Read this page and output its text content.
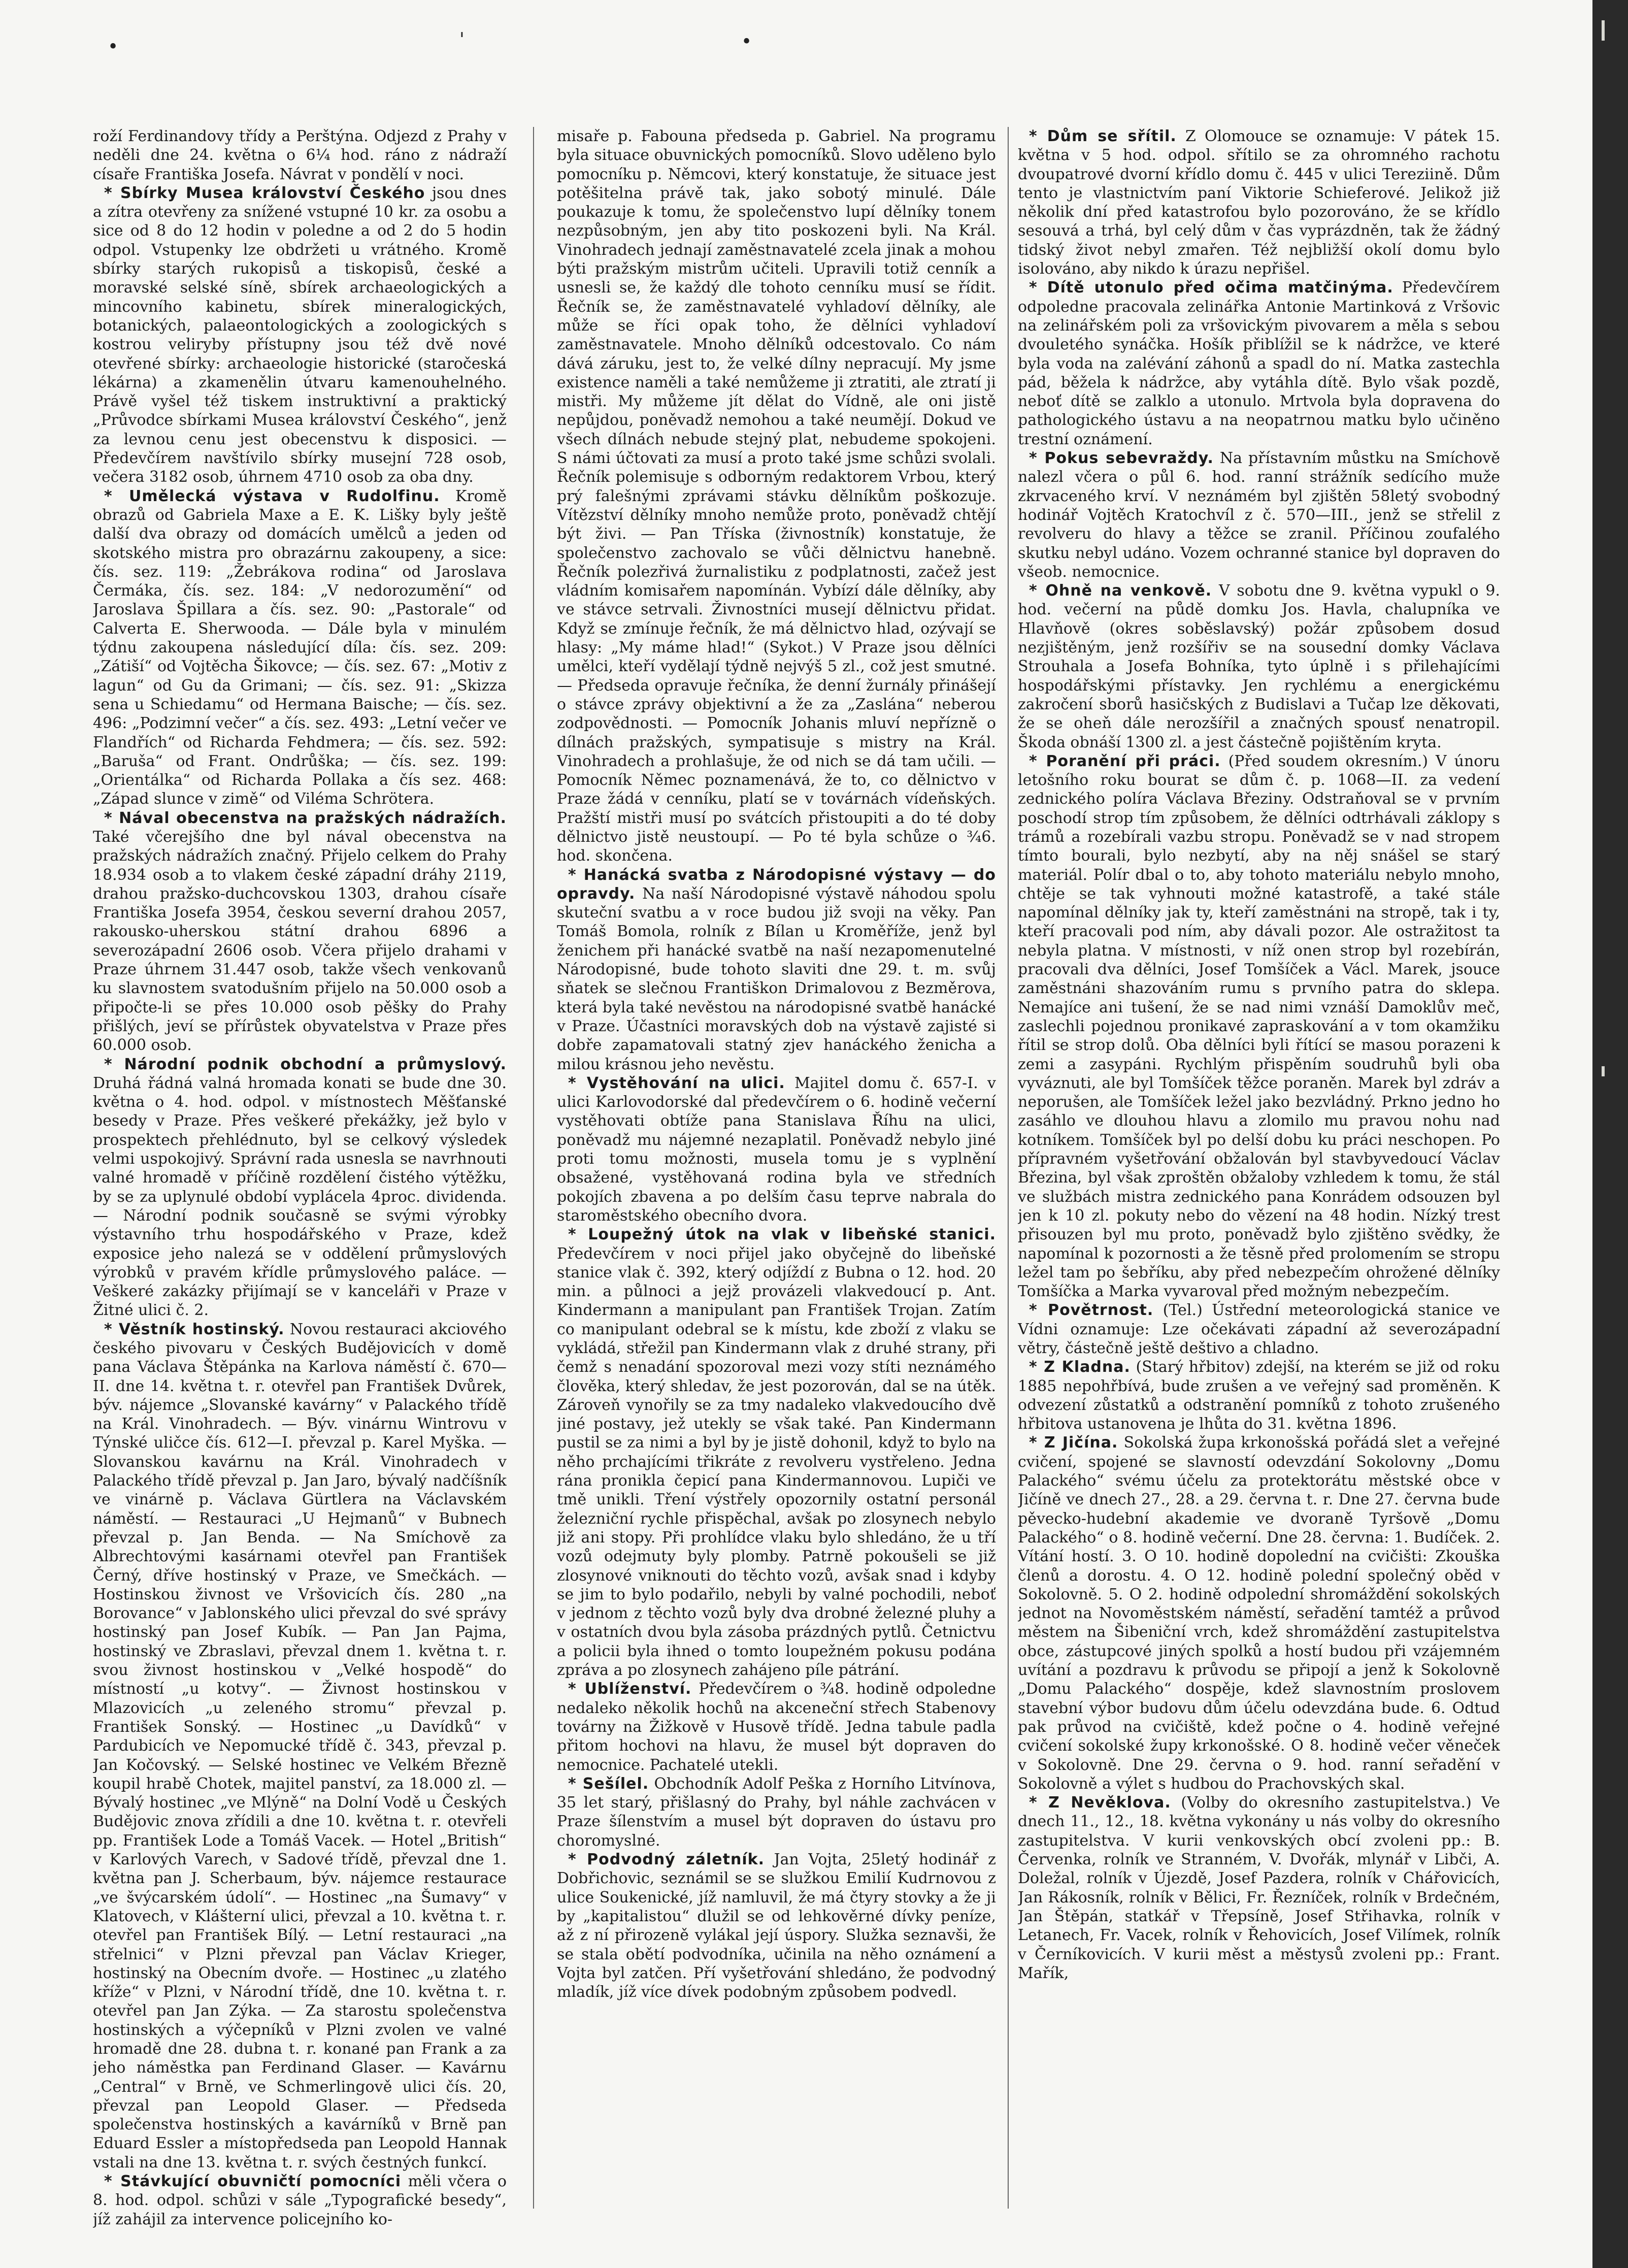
•	'	•

roží Ferdinandovy třídy a Perštýna. Odjezd z Prahy v neděli dne 24. května o 6¼ hod. ráno z nádraží císaře Františka Josefa. Návrat v pondělí v noci.

* Sbírky Musea království Českého jsou dnes a zítra otevřeny za snížené vstupné 10 kr. za osobu a sice od 8 do 12 hodin v poledne a od 2 do 5 hodin odpol. Vstupenky lze obdržeti u vrátného. Kromě sbírky starých rukopisů a tiskopisů, české a moravské selské síně, sbírek archaeologických a mincovního kabinetu, sbírek mineralogických, botanických, palaeontologických a zoologických s kostrou veliryby přístupny jsou též dvě nové otevřené sbírky: archaeologie historické (staročeská lékárna) a zkamenělin útvaru kamenouhelného. Právě vyšel též tiskem instruktivní a praktický „Průvodce sbírkami Musea království Českého“, jenž za levnou cenu jest obecenstvu k disposici. — Předevčírem navštívilo sbírky musejní 728 osob, večera 3182 osob, úhrnem 4710 osob za oba dny.

* Umělecká výstava v Rudolfinu. Kromě obrazů od Gabriela Maxe a E. K. Lišky byly ještě další dva obrazy od domácích umělců a jeden od skotského mistra pro obrazárnu zakoupeny, a sice: čís. sez. 119: „Žebrákova rodina“ od Jaroslava Čermáka, čís. sez. 184: „V nedorozumění“ od Jaroslava Špillara a čís. sez. 90: „Pastorale“ od Calverta E. Sherwooda. — Dále byla v minulém týdnu zakoupena následující díla: čís. sez. 209: „Zátiší“ od Vojtěcha Šikovce; — čís. sez. 67: „Motiv z lagun“ od Gu da Grimani; — čís. sez. 91: „Skizza sena u Schiedamu“ od Hermana Baische; — čís. sez. 496: „Podzimní večer“ a čís. sez. 493: „Letní večer ve Flandřích“ od Richarda Fehdmera; — čís. sez. 592: „Baruša“ od Frant. Ondrůška; — čís. sez. 199: „Orientálka“ od Richarda Pollaka a čís sez. 468: „Západ slunce v zimě“ od Viléma Schrötera.

* Nával obecenstva na pražských nádražích. Také včerejšího dne byl nával obecenstva na pražských nádražích značný. Přijelo celkem do Prahy 18.934 osob a to vlakem české západní dráhy 2119, drahou pražsko-duchcovskou 1303, drahou císaře Františka Josefa 3954, českou severní drahou 2057, rakousko-uherskou státní drahou 6896 a severozápadní 2606 osob. Včera přijelo drahami v Praze úhrnem 31.447 osob, takže všech venkovanů ku slavnostem svatodušním přijelo na 50.000 osob a připočte-li se přes 10.000 osob pěšky do Prahy přišlých, jeví se přírůstek obyvatelstva v Praze přes 60.000 osob.

* Národní podnik obchodní a průmyslový. Druhá řádná valná hromada konati se bude dne 30. května o 4. hod. odpol. v místnostech Měšťanské besedy v Praze. Přes veškeré překážky, jež bylo v prospektech přehlédnuto, byl se celkový výsledek velmi uspokojivý. Správní rada usnesla se navrhnouti valné hromadě v příčině rozdělení čistého výtěžku, by se za uplynulé období vyplácela 4proc. dividenda. — Národní podnik současně se svými výrobky výstavního trhu hospodářského v Praze, kdež exposice jeho nalezá se v oddělení průmyslových výrobků v pravém křídle průmyslového paláce. — Veškeré zakázky přijímají se v kanceláři v Praze v Žitné ulici č. 2.

* Věstník hostinský. Novou restauraci akciového českého pivovaru v Českých Budějovicích v domě pana Václava Štěpánka na Karlova náměstí č. 670—II. dne 14. května t. r. otevřel pan František Dvůrek, býv. nájemce „Slovanské kavárny“ v Palackého třídě na Král. Vinohradech. — Býv. vinárnu Wintrovu v Týnské uličce čís. 612—I. převzal p. Karel Myška. — Slovanskou kavárnu na Král. Vinohradech v Palackého třídě převzal p. Jan Jaro, bývalý nadčíšník ve vinárně p. Václava Gürtlera na Václavském náměstí. — Restauraci „U Hejmanů“ v Bubnech převzal p. Jan Benda. — Na Smíchově za Albrechtovými kasárnami otevřel pan František Černý, dříve hostinský v Praze, ve Smečkách. — Hostinskou živnost ve Vršovicích čís. 280 „na Borovance“ v Jablonského ulici převzal do své správy hostinský pan Josef Kubík. — Pan Jan Pajma, hostinský ve Zbraslavi, převzal dnem 1. května t. r. svou živnost hostinskou v „Velké hospodě“ do místností „u kotvy“. — Živnost hostinskou v Mlazovicích „u zeleného stromu“ převzal p. František Sonský. — Hostinec „u Davídků“ v Pardubicích ve Nepomucké třídě č. 343, převzal p. Jan Kočovský. — Selské hostinec ve Velkém Březně koupil hrabě Chotek, majitel panství, za 18.000 zl. — Bývalý hostinec „ve Mlýně“ na Dolní Vodě u Českých Budějovic znova zřídili a dne 10. května t. r. otevřeli pp. František Lode a Tomáš Vacek. — Hotel „British“ v Karlových Varech, v Sadové třídě, převzal dne 1. května pan J. Scherbaum, býv. nájemce restaurace „ve švýcarském údolí“. — Hostinec „na Šumavy“ v Klatovech, v Klášterní ulici, převzal a 10. května t. r. otevřel pan František Bílý. — Letní restauraci „na střelnici“ v Plzni převzal pan Václav Krieger, hostinský na Obecním dvoře. — Hostinec „u zlatého kříže“ v Plzni, v Národní třídě, dne 10. května t. r. otevřel pan Jan Zýka. — Za starostu společenstva hostinských a výčepníků v Plzni zvolen ve valné hromadě dne 28. dubna t. r. konané pan Frank a za jeho náměstka pan Ferdinand Glaser. — Kavárnu „Central“ v Brně, ve Schmerlingově ulici čís. 20, převzal pan Leopold Glaser. — Předseda společenstva hostinských a kavárníků v Brně pan Eduard Essler a místopředseda pan Leopold Hannak vstali na dne 13. května t. r. svých čestných funkcí.

* Stávkující obuvničtí pomocníci měli včera o 8. hod. odpol. schůzi v sále „Typografické besedy“, jíž zahájil za intervence policejního ko-

misaře p. Fabouna předseda p. Gabriel. Na programu byla situace obuvnických pomocníků. Slovo uděleno bylo pomocníku p. Němcovi, který konstatuje, že situace jest potěšitelna právě tak, jako sobotý minulé. Dále poukazuje k tomu, že společenstvo lupí dělníky tonem nezpůsobným, jen aby tito poskozeni byli. Na Král. Vinohradech jednají zaměstnavatelé zcela jinak a mohou býti pražským mistrům učiteli. Upravili totiž cenník a usnesli se, že každý dle tohoto cenníku musí se řídit. Řečník se, že zaměstnavatelé vyhladoví dělníky, ale může se říci opak toho, že dělníci vyhladoví zaměstnavatele. Mnoho dělníků odcestovalo. Co nám dává záruku, jest to, že velké dílny nepracují. My jsme existence naměli a také nemůžeme ji ztratiti, ale ztratí ji mistři. My můžeme jít dělat do Vídně, ale oni jistě nepůjdou, poněvadž nemohou a také neumějí. Dokud ve všech dílnách nebude stejný plat, nebudeme spokojeni. S námi účtovati za musí a proto také jsme schůzi svolali. Řečník polemisuje s odborným redaktorem Vrbou, který prý falešnými zprávami stávku dělníkům poškozuje. Vítězství dělníky mnoho nemůže proto, poněvadž chtějí být živi. — Pan Tříska (živnostník) konstatuje, že společenstvo zachovalo se vůči dělnictvu hanebně. Řečník polezřivá žurnalistiku z podplatnosti, začež jest vládním komisařem napomínán. Vybízí dále dělníky, aby ve stávce setrvali. Živnostníci musejí dělnictvu přidat. Když se zmínuje řečník, že má dělnictvo hlad, ozývají se hlasy: „My máme hlad!“ (Sykot.) V Praze jsou dělníci umělci, kteří vydělají týdně nejvýš 5 zl., což jest smutné. — Předseda opravuje řečníka, že denní žurnály přinášejí o stávce zprávy objektivní a že za „Zaslána“ neberou zodpovědnosti. — Pomocník Johanis mluví nepřízně o dílnách pražských, sympatisuje s mistry na Král. Vinohradech a prohlašuje, že od nich se dá tam učili. — Pomocník Němec poznamenává, že to, co dělnictvo v Praze žádá v cenníku, platí se v továrnách vídeňských. Pražští mistři musí po svátcích přistoupiti a do té doby dělnictvo jistě neustoupí. — Po té byla schůze o ¾6. hod. skončena.

* Hanácká svatba z Národopisné výstavy — do opravdy. Na naší Národopisné výstavě náhodou spolu skuteční svatbu a v roce budou již svoji na věky. Pan Tomáš Bomola, rolník z Bílan u Kroměříže, jenž byl ženichem při hanácké svatbě na naší nezapomenutelné Národopisné, bude tohoto slaviti dne 29. t. m. svůj sňatek se slečnou Františkon Drimalovou z Bezměrova, která byla také nevěstou na národopisné svatbě hanácké v Praze. Účastníci moravských dob na výstavě zajisté si dobře zapamatovali statný zjev hanáckého ženicha a milou krásnou jeho nevěstu.

* Vystěhování na ulici. Majitel domu č. 657-I. v ulici Karlovodorské dal předevčírem o 6. hodině večerní vystěhovati obtíže pana Stanislava Říhu na ulici, poněvadž mu nájemné nezaplatil. Poněvadž nebylo jiné proti tomu možnosti, musela tomu je s vyplnění obsažené, vystěhovaná rodina byla ve středních pokojích zbavena a po delším času teprve nabrala do staroměstského obecního dvora.

* Loupežný útok na vlak v libeňské stanici. Předevčírem v noci přijel jako obyčejně do libeňské stanice vlak č. 392, který odjíždí z Bubna o 12. hod. 20 min. a půlnoci a jejž provázeli vlakvedoucí p. Ant. Kindermann a manipulant pan František Trojan. Zatím co manipulant odebral se k místu, kde zboží z vlaku se vykládá, střežil pan Kindermann vlak z druhé strany, při čemž s nenadání spozoroval mezi vozy stíti neznámého člověka, který shledav, že jest pozorován, dal se na útěk. Zároveň vynořily se za tmy nadaleko vlakvedoucího dvě jiné postavy, jež utekly se však také. Pan Kindermann pustil se za nimi a byl by je jistě dohonil, když to bylo na něho prchajícími třikráte z revolveru vystřeleno. Jedna rána pronikla čepicí pana Kindermannovou. Lupiči ve tmě unikli. Tření výstřely opozornily ostatní personál železniční rychle přispěchal, avšak po zlosynech nebylo již ani stopy. Při prohlídce vlaku bylo shledáno, že u tří vozů odejmuty byly plomby. Patrně pokoušeli se již zlosynové vniknouti do těchto vozů, avšak snad i kdyby se jim to bylo podařilo, nebyli by valné pochodili, neboť v jednom z těchto vozů byly dva drobné železné pluhy a v ostatních dvou byla zásoba prázdných pytlů. Četnictvu a policii byla ihned o tomto loupežném pokusu podána zpráva a po zlosynech zahájeno píle pátrání.

* Ublíženství. Předevčírem o ¾8. hodině odpoledne nedaleko několik hochů na akceneční střech Stabenovy továrny na Žižkově v Husově třídě. Jedna tabule padla přitom hochovi na hlavu, že musel být dopraven do nemocnice. Pachatelé utekli.

* Sešílel. Obchodník Adolf Peška z Horního Litvínova, 35 let starý, přišlasný do Prahy, byl náhle zachvácen v Praze šílenstvím a musel být dopraven do ústavu pro choromyslné.

* Podvodný záletník. Jan Vojta, 25letý hodinář z Dobřichovic, seznámil se se služkou Emilií Kudrnovou z ulice Soukenické, jíž namluvil, že má čtyry stovky a že ji by „kapitalistou“ dlužil se od lehkověrné dívky peníze, až z ní přirozeně vylákal její úspory. Služka seznavši, že se stala obětí podvodníka, učinila na něho oznámení a Vojta byl zatčen. Pří vyšetřování shledáno, že podvodný mladík, jíž více dívek podobným způsobem podvedl.

* Dům se sřítil. Z Olomouce se oznamuje: V pátek 15. května v 5 hod. odpol. sřítilo se za ohromného rachotu dvoupatrové dvorní křídlo domu č. 445 v ulici Tereziině. Dům tento je vlastnictvím paní Viktorie Schieferové. Jelikož již několik dní před katastrofou bylo pozorováno, že se křídlo sesouvá a trhá, byl celý dům v čas vyprázdněn, tak že žádný tidský život nebyl zmařen. Též nejbližší okolí domu bylo isolováno, aby nikdo k úrazu nepřišel.

* Dítě utonulo před očima matčinýma. Předevčírem odpoledne pracovala zelinářka Antonie Martinková z Vršovic na zelinářském poli za vršovickým pivovarem a měla s sebou dvouletého synáčka. Hošík přiblížil se k nádržce, ve které byla voda na zalévání záhonů a spadl do ní. Matka zastechla pád, běžela k nádržce, aby vytáhla dítě. Bylo však pozdě, neboť dítě se zalklo a utonulo. Mrtvola byla dopravena do pathologického ústavu a na neopatrnou matku bylo učiněno trestní oznámení.

* Pokus sebevraždy. Na přístavním můstku na Smíchově nalezl včera o půl 6. hod. ranní strážník sedícího muže zkrvaceného krví. V neznámém byl zjištěn 58letý svobodný hodinář Vojtěch Kratochvíl z č. 570—III., jenž se střelil z revolveru do hlavy a těžce se zranil. Příčinou zoufalého skutku nebyl udáno. Vozem ochranné stanice byl dopraven do všeob. nemocnice.

* Ohně na venkově. V sobotu dne 9. května vypukl o 9. hod. večerní na půdě domku Jos. Havla, chalupníka ve Hlavňově (okres soběslavský) požár způsobem dosud nezjištěným, jenž rozšířiv se na sousední domky Václava Strouhala a Josefa Bohníka, tyto úplně i s přilehajícími hospodářskými přístavky. Jen rychlému a energickému zakročení sborů hasičských z Budislavi a Tučap lze děkovati, že se oheň dále nerozšířil a značných spousť nenatropil. Škoda obnáší 1300 zl. a jest částečně pojištěním kryta.

* Poranění při práci. (Před soudem okresním.) V únoru letošního roku bourat se dům č. p. 1068—II. za vedení zednického políra Václava Březiny. Odstraňoval se v prvním poschodí strop tím způsobem, že dělníci odtrhávali záklopy s trámů a rozebírali vazbu stropu. Poněvadž se v nad stropem tímto bourali, bylo nezbytí, aby na něj snášel se starý materiál. Polír dbal o to, aby tohoto materiálu nebylo mnoho, chtěje se tak vyhnouti možné katastrofě, a také stále napomínal dělníky jak ty, kteří zaměstnáni na stropě, tak i ty, kteří pracovali pod ním, aby dávali pozor. Ale ostražitost ta nebyla platna. V místnosti, v níž onen strop byl rozebírán, pracovali dva dělníci, Josef Tomšíček a Václ. Marek, jsouce zaměstnáni shazováním rumu s prvního patra do sklepa. Nemajíce ani tušení, že se nad nimi vznáší Damoklův meč, zaslechli pojednou pronikavé zapraskování a v tom okamžiku řítil se strop dolů. Oba dělníci byli řítící se masou porazeni k zemi a zasypáni. Rychlým přispěním soudruhů byli oba vyváznuti, ale byl Tomšíček těžce poraněn. Marek byl zdráv a neporušen, ale Tomšíček ležel jako bezvládný. Prkno jedno ho zasáhlo ve dlouhou hlavu a zlomilo mu pravou nohu nad kotníkem. Tomšíček byl po delší dobu ku práci neschopen. Po přípravném vyšetřování obžalován byl stavbyvedoucí Václav Březina, byl však zproštěn obžaloby vzhledem k tomu, že stál ve službách mistra zednického pana Konrádem odsouzen byl jen k 10 zl. pokuty nebo do vězení na 48 hodin. Nízký trest přisouzen byl mu proto, poněvadž bylo zjištěno svědky, že napomínal k pozornosti a že těsně před prolomením se stropu ležel tam po šebříku, aby před nebezpečím ohrožené dělníky Tomšíčka a Marka vyvaroval před možným nebezpečím.

* Povětrnost. (Tel.) Ústřední meteorologická stanice ve Vídni oznamuje: Lze očekávati západní až severozápadní větry, částečně ještě deštivo a chladno.

* Z Kladna. (Starý hřbitov) zdejší, na kterém se již od roku 1885 nepohřbívá, bude zrušen a ve veřejný sad proměněn. K odvezení zůstatků a odstranění pomníků z tohoto zrušeného hřbitova ustanovena je lhůta do 31. května 1896.

* Z Jičína. Sokolská župa krkonošská pořádá slet a veřejné cvičení, spojené se slavností odevzdání Sokolovny „Domu Palackého“ svému účelu za protektorátu městské obce v Jičíně ve dnech 27., 28. a 29. června t. r. Dne 27. června bude pěvecko-hudební akademie ve dvoraně Tyršově „Domu Palackého“ o 8. hodině večerní. Dne 28. června: 1. Budíček. 2. Vítání hostí. 3. O 10. hodině dopolední na cvičišti: Zkouška členů a dorostu. 4. O 12. hodině polední společný oběd v Sokolovně. 5. O 2. hodině odpolední shromáždění sokolských jednot na Novoměstském náměstí, seřadění tamtéž a průvod městem na Šibeniční vrch, kdež shromáždění zastupitelstva obce, zástupcové jiných spolků a hostí budou při vzájemném uvítání a pozdravu k průvodu se připojí a jenž k Sokolovně „Domu Palackého“ dospěje, kdež slavnostním proslovem stavební výbor budovu dům účelu odevzdána bude. 6. Odtud pak průvod na cvičiště, kdež počne o 4. hodině veřejné cvičení sokolské župy krkonošské. O 8. hodině večer věneček v Sokolovně. Dne 29. června o 9. hod. ranní seřadění v Sokolovně a výlet s hudbou do Prachovských skal.

* Z Nevěklova. (Volby do okresního zastupitelstva.) Ve dnech 11., 12., 18. května vykonány u nás volby do okresního zastupitelstva. V kurii venkovských obcí zvoleni pp.: B. Červenka, rolník ve Stranném, V. Dvořák, mlynář v Libči, A. Doležal, rolník v Újezdě, Josef Pazdera, rolník v Chářovicích, Jan Rákosník, rolník v Bělici, Fr. Řezníček, rolník v Brdečném, Jan Štěpán, statkář v Třepsíně, Josef Střihavka, rolník v Letanech, Fr. Vacek, rolník v Řehovicích, Josef Vilímek, rolník v Černíkovicích. V kurii měst a městysů zvoleni pp.: Frant. Mařík,
